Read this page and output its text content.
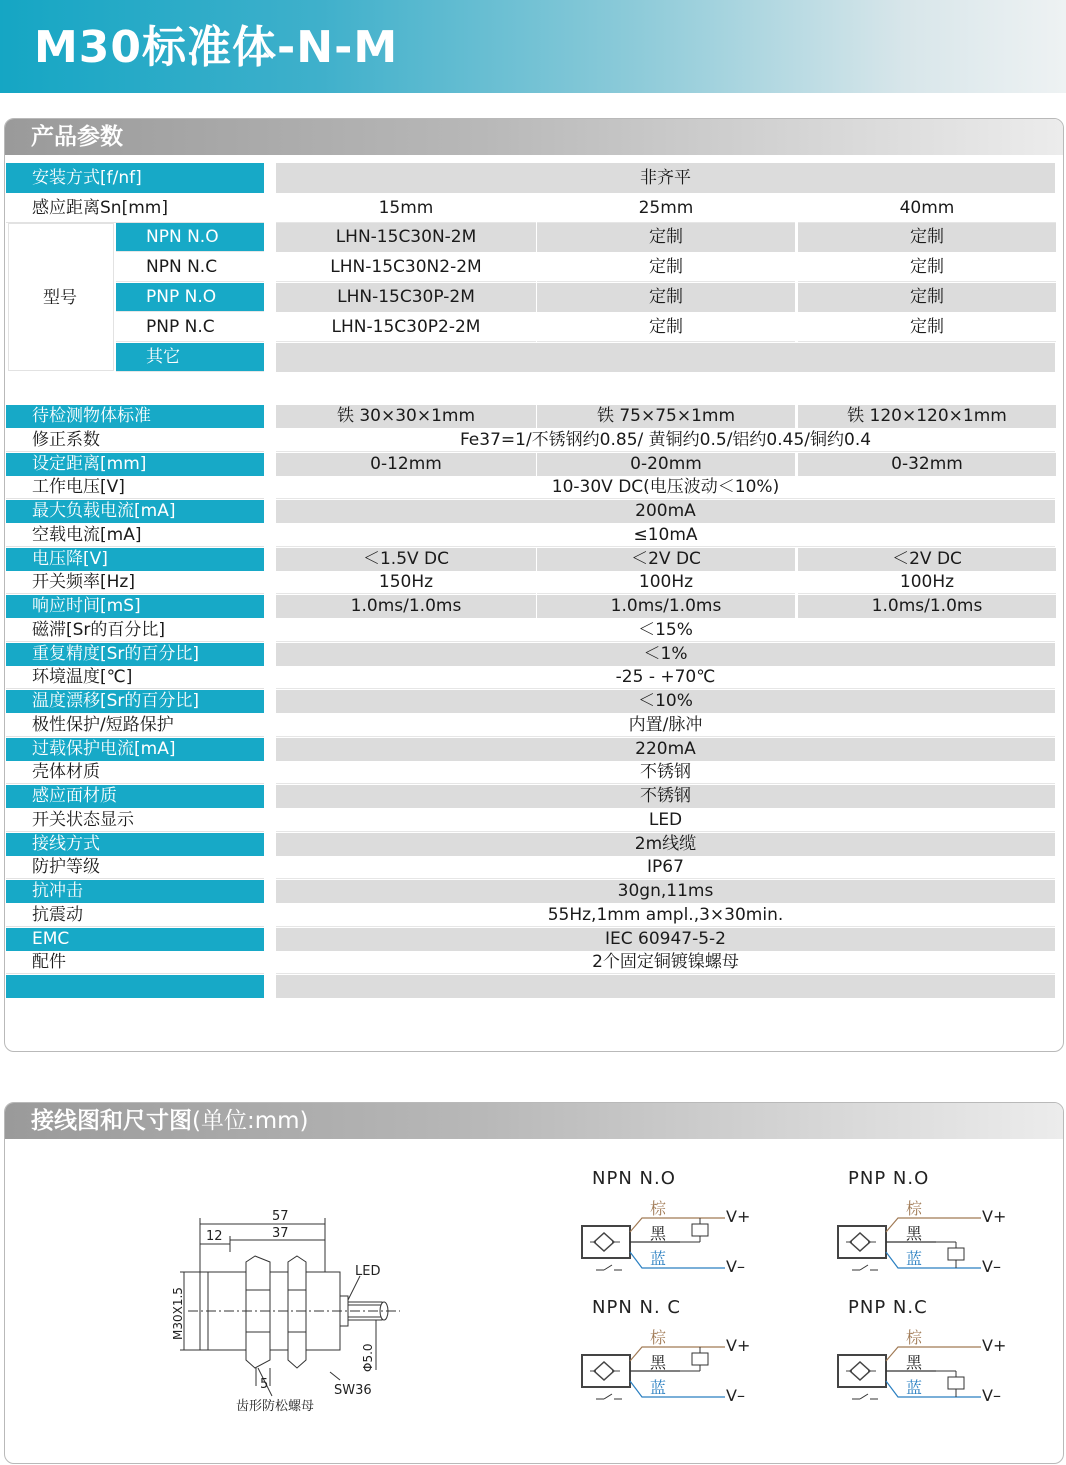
M30标准体-N-M
产品参数
安装方式[f/nf]	非齐平
感应距离Sn[mm]	15mm	25mm	40mm
型号
NPN N.O	LHN-15C30N-2M	定制	定制
NPN N.C	LHN-15C30N2-2M	定制	定制
PNP N.O	LHN-15C30P-2M	定制	定制
PNP N.C	LHN-15C30P2-2M	定制	定制
其它
待检测物体标准	铁 30×30×1mm	铁 75×75×1mm	铁 120×120×1mm
修正系数	Fe37=1/不锈钢约0.85/ 黄铜约0.5/铝约0.45/铜约0.4
设定距离[mm]	0-12mm	0-20mm	0-32mm
工作电压[V]	10-30V DC(电压波动＜10%)
最大负载电流[mA]	200mA
空载电流[mA]	≤10mA
电压降[V]	＜1.5V DC	＜2V DC	＜2V DC
开关频率[Hz]	150Hz	100Hz	100Hz
响应时间[mS]	1.0ms/1.0ms	1.0ms/1.0ms	1.0ms/1.0ms
磁滞[Sr的百分比]	＜15%
重复精度[Sr的百分比]	＜1%
环境温度[℃]	-25 - +70℃
温度漂移[Sr的百分比]	＜10%
极性保护/短路保护	内置/脉冲
过载保护电流[mA]	220mA
壳体材质	不锈钢
感应面材质	不锈钢
开关状态显示	LED
接线方式	2m线缆
防护等级	IP67
抗冲击	30gn,11ms
抗震动	55Hz,1mm ampl.,3×30min.
EMC	IEC 60947-5-2
配件	2个固定铜镀镍螺母
接线图和尺寸图(单位:mm)
57
37
12
M30X1.5
LED
Φ5.0
5	SW36
齿形防松螺母
NPN N.O
棕
黑
蓝
V+
V–
PNP N.O
棕
黑
蓝
V+
V–
NPN N. C
棕
黑
蓝
V+
V–
PNP N.C
棕
黑
蓝
V+
V–
